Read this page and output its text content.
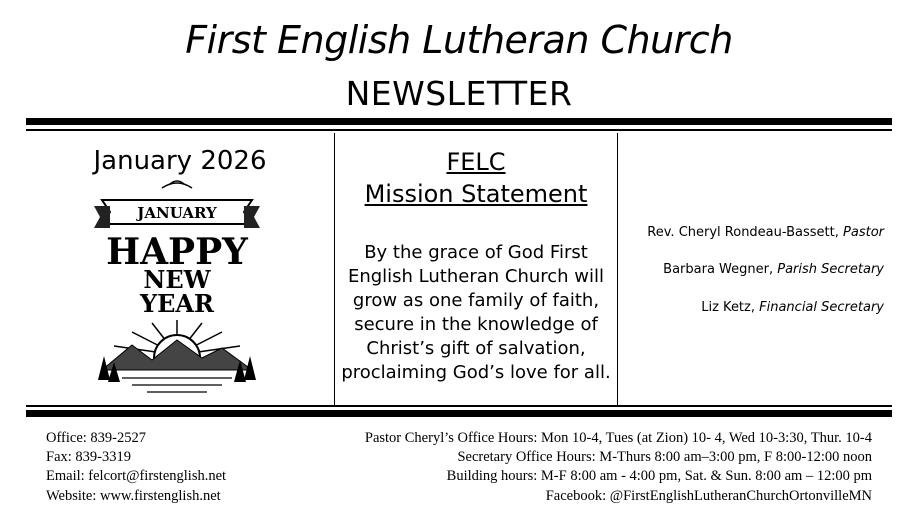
First English Lutheran Church
NEWSLETTER
January 2026
JANUARY
HAPPY
NEW
YEAR
FELC
Mission Statement
By the grace of God First
English Lutheran Church will
grow as one family of faith,
secure in the knowledge of
Christ’s gift of salvation,
proclaiming God’s love for all.
Rev. Cheryl Rondeau-Bassett, Pastor
Barbara Wegner, Parish Secretary
Liz Ketz, Financial Secretary
Office: 839-2527
Fax: 839-3319
Email: felcort@firstenglish.net
Website: www.firstenglish.net
Pastor Cheryl’s Office Hours: Mon 10-4, Tues (at Zion) 10- 4, Wed 10-3:30, Thur. 10-4
Secretary Office Hours: M-Thurs 8:00 am–3:00 pm, F 8:00-12:00 noon
Building hours: M-F 8:00 am - 4:00 pm, Sat. & Sun. 8:00 am – 12:00 pm
Facebook: @FirstEnglishLutheranChurchOrtonvilleMN
